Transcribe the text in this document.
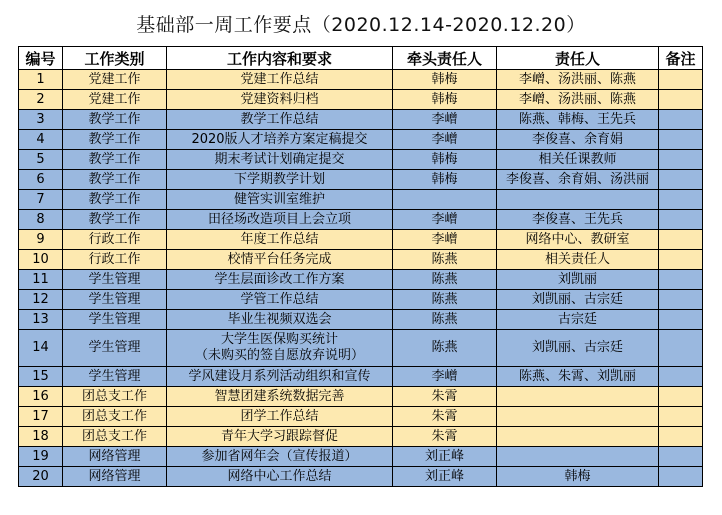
基础部一周工作要点（2020.12.14-2020.12.20）
编号	工作类别	工作内容和要求	牵头责任人	责任人	备注
1	党建工作	党建工作总结	韩梅	李嶒、汤洪丽、陈燕	
2	党建工作	党建资料归档	韩梅	李嶒、汤洪丽、陈燕	
3	教学工作	教学工作总结	李嶒	陈燕、韩梅、王先兵	
4	教学工作	2020版人才培养方案定稿提交	李嶒	李俊喜、余育娟	
5	教学工作	期末考试计划确定提交	韩梅	相关任课教师	
6	教学工作	下学期教学计划	韩梅	李俊喜、余育娟、汤洪丽	
7	教学工作	健管实训室维护			
8	教学工作	田径场改造项目上会立项	李嶒	李俊喜、王先兵	
9	行政工作	年度工作总结	李嶒	网络中心、教研室	
10	行政工作	校情平台任务完成	陈燕	相关责任人	
11	学生管理	学生层面诊改工作方案	陈燕	刘凯丽	
12	学生管理	学管工作总结	陈燕	刘凯丽、古宗廷	
13	学生管理	毕业生视频双选会	陈燕	古宗廷	
14	学生管理	大学生医保购买统计
（未购买的签自愿放弃说明）	陈燕	刘凯丽、古宗廷	
15	学生管理	学风建设月系列活动组织和宣传	李嶒	陈燕、朱霄、刘凯丽	
16	团总支工作	智慧团建系统数据完善	朱霄		
17	团总支工作	团学工作总结	朱霄		
18	团总支工作	青年大学习跟踪督促	朱霄		
19	网络管理	参加省网年会（宣传报道）	刘正峰		
20	网络管理	网络中心工作总结	刘正峰	韩梅	
